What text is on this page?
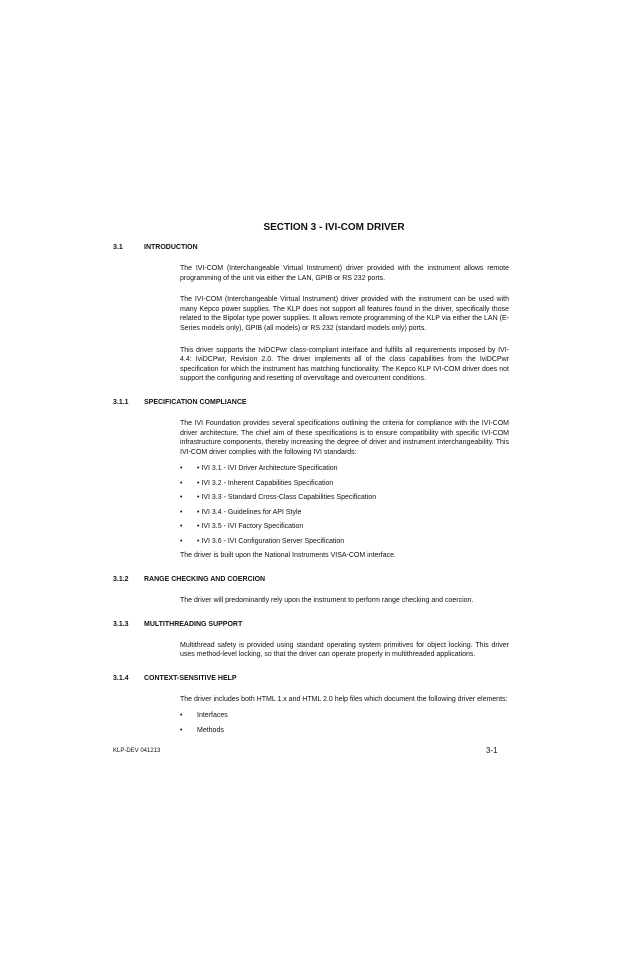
SECTION 3 - IVI-COM DRIVER
3.1	INTRODUCTION

The IVI-COM (Interchangeable Virtual Instrument) driver provided with the instrument allows remote programming of the unit via either the LAN, GPIB or RS 232 ports.

The IVI-COM (Interchangeable Virtual Instrument) driver provided with the instrument can be used with many Kepco power supplies. The KLP does not support all features found in the driver, specifically those related to the Bipolar type power supplies. It allows remote programming of the KLP via either the LAN (E-Series models only), GPIB (all models) or RS 232 (standard models only) ports.

This driver supports the IviDCPwr class-compliant interface and fulfills all requirements imposed by IVI-4.4: IviDCPwr, Revision 2.0. The driver implements all of the class capabilities from the IviDCPwr specification for which the instrument has matching functionality. The Kepco KLP IVI-COM driver does not support the configuring and resetting of overvoltage and overcurrent conditions.

3.1.1 SPECIFICATION COMPLIANCE

The IVI Foundation provides several specifications outlining the criteria for compliance with the IVI-COM driver architecture. The chief aim of these specifications is to ensure compatibility with specific IVI-COM infrastructure components, thereby increasing the degree of driver and instrument interchangeability. This IVI-COM driver complies with the following IVI standards:

• • IVI 3.1 - IVI Driver Architecture Specification
• • IVI 3.2 - Inherent Capabilities Specification
• • IVI 3.3 - Standard Cross-Class Capabilities Specification
• • IVI 3.4 - Guidelines for API Style
• • IVI 3.5 - IVI Factory Specification
• • IVI 3.6 - IVI Configuration Server Specification

The driver is built upon the National Instruments VISA-COM interface.

3.1.2 RANGE CHECKING AND COERCION

The driver will predominantly rely upon the instrument to perform range checking and coercion.

3.1.3 MULTITHREADING SUPPORT

Multithread safety is provided using standard operating system primitives for object locking. This driver uses method-level locking, so that the driver can operate properly in multithreaded applications.

3.1.4 CONTEXT-SENSITIVE HELP

The driver includes both HTML 1.x and HTML 2.0 help files which document the following driver elements:

• Interfaces
• Methods
KLP-DEV 041213	3-1
